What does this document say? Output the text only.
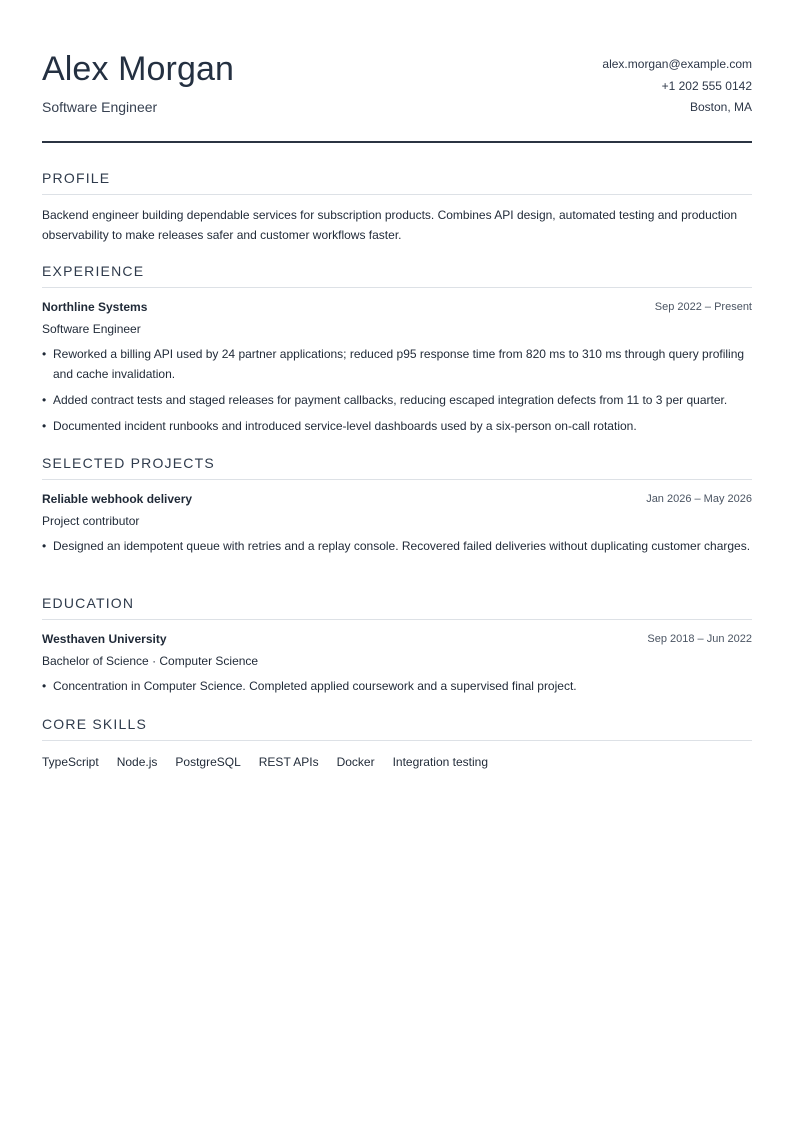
Alex Morgan
Software Engineer
alex.morgan@example.com
+1 202 555 0142
Boston, MA
PROFILE
Backend engineer building dependable services for subscription products. Combines API design, automated testing and production observability to make releases safer and customer workflows faster.
EXPERIENCE
Northline Systems	Sep 2022 – Present
Software Engineer
• Reworked a billing API used by 24 partner applications; reduced p95 response time from 820 ms to 310 ms through query profiling and cache invalidation.
• Added contract tests and staged releases for payment callbacks, reducing escaped integration defects from 11 to 3 per quarter.
• Documented incident runbooks and introduced service-level dashboards used by a six-person on-call rotation.
SELECTED PROJECTS
Reliable webhook delivery	Jan 2026 – May 2026
Project contributor
• Designed an idempotent queue with retries and a replay console. Recovered failed deliveries without duplicating customer charges.
EDUCATION
Westhaven University	Sep 2018 – Jun 2022
Bachelor of Science · Computer Science
• Concentration in Computer Science. Completed applied coursework and a supervised final project.
CORE SKILLS
TypeScript Node.js PostgreSQL REST APIs Docker Integration testing
